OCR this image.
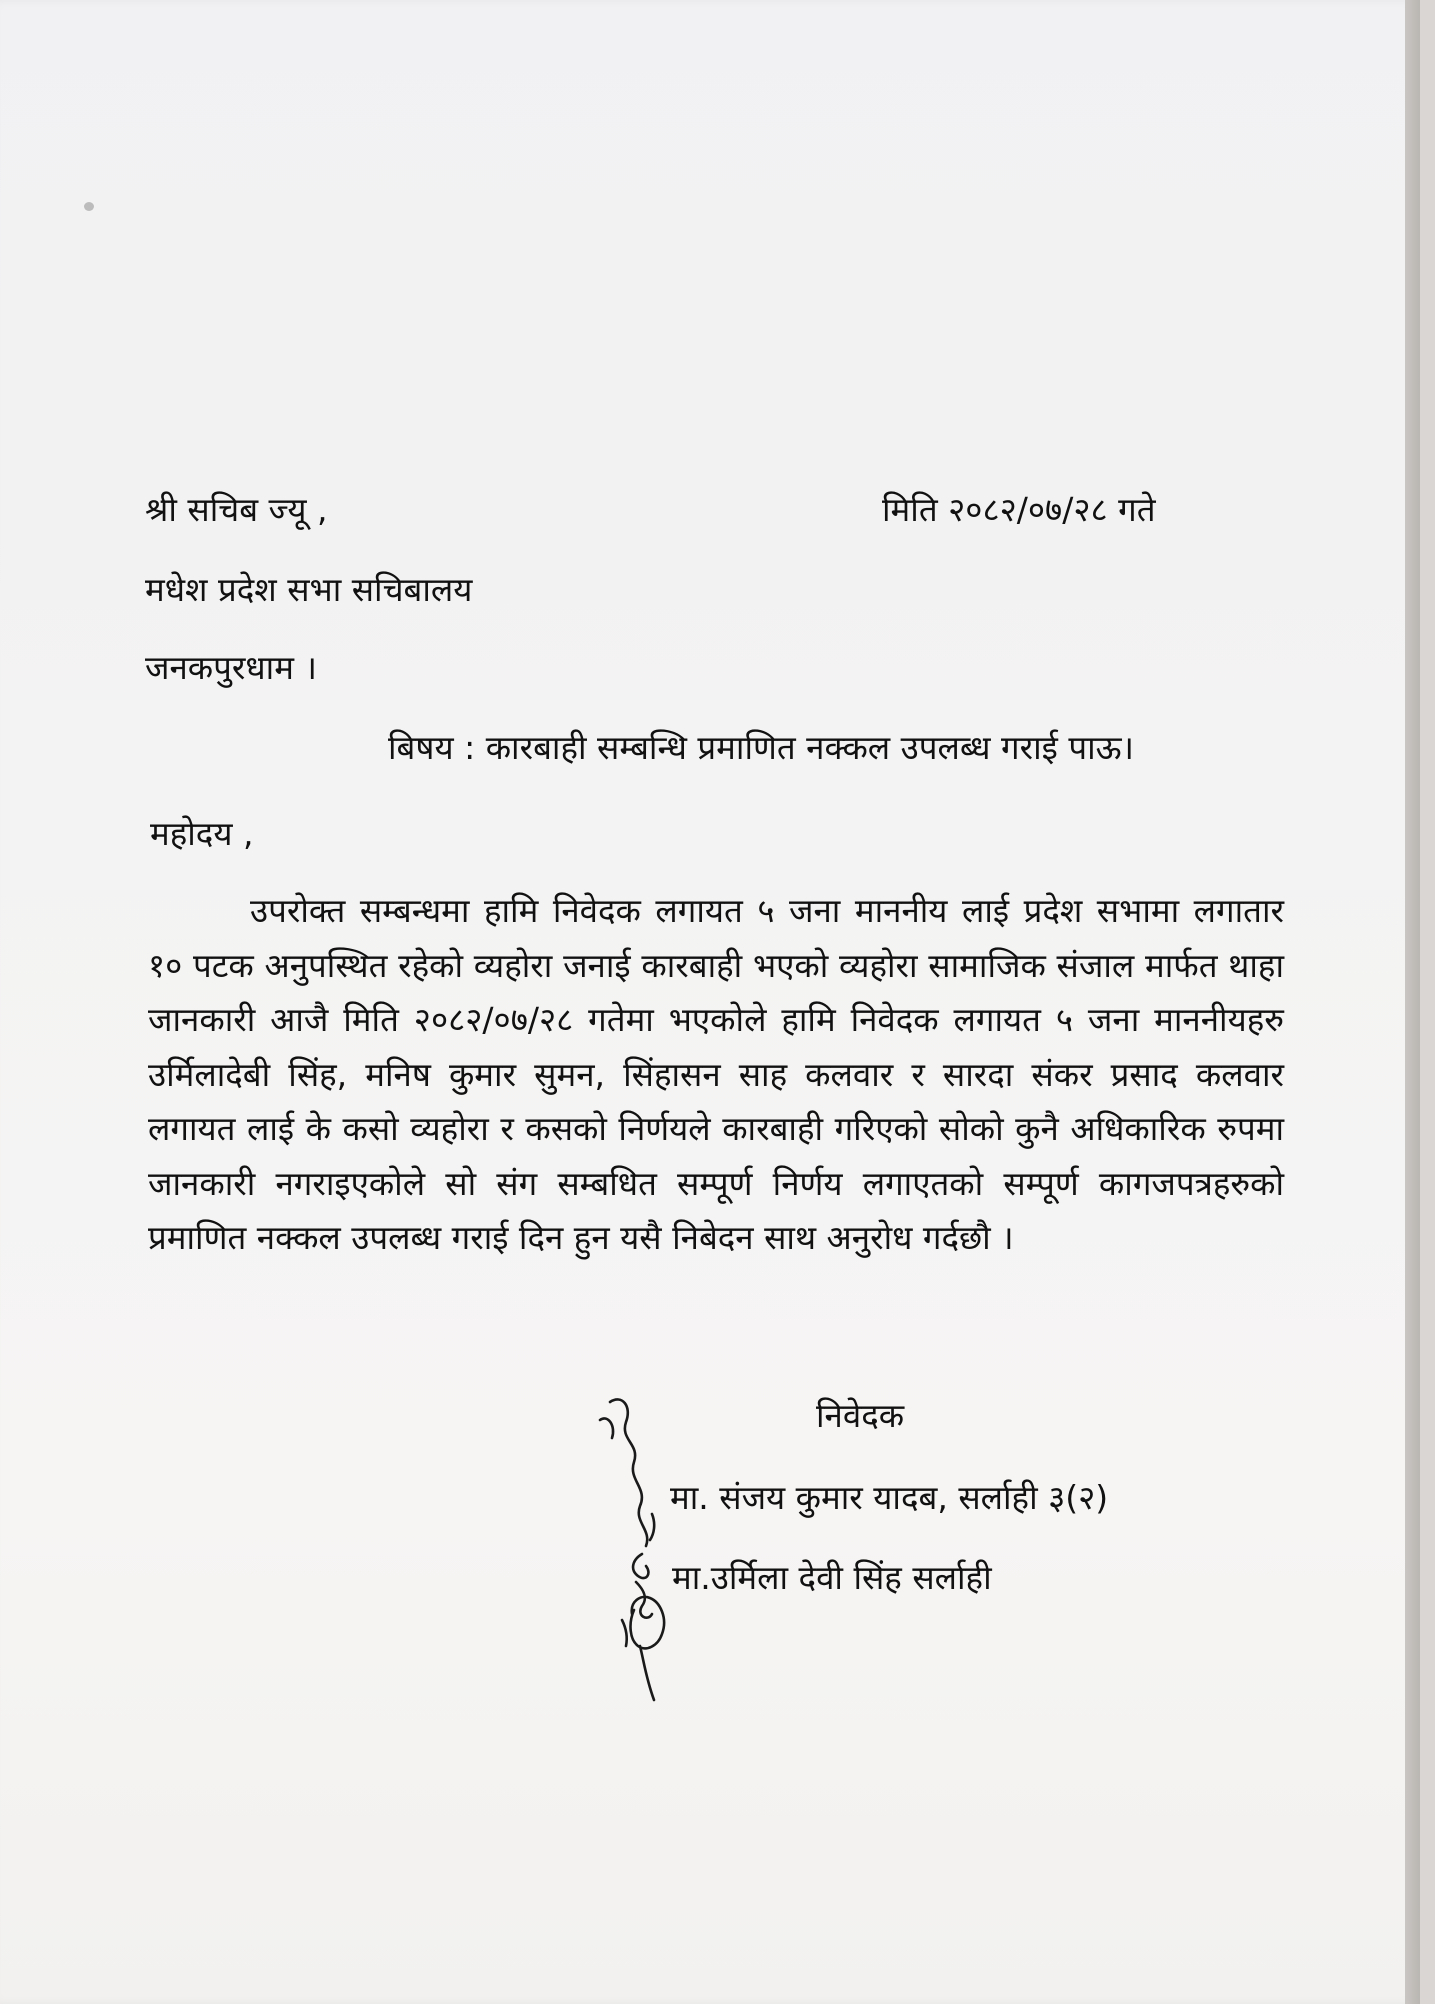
श्री सचिब ज्यू ,	मिति २०८२/०७/२८ गते
मधेश प्रदेश सभा सचिबालय
जनकपुरधाम ।
बिषय : कारबाही सम्बन्धि प्रमाणित नक्कल उपलब्ध गराई पाऊ।
महोदय ,

उपरोक्त सम्बन्धमा हामि निवेदक लगायत ५ जना माननीय लाई प्रदेश सभामा लगातार १० पटक अनुपस्थित रहेको व्यहोरा जनाई कारबाही भएको व्यहोरा सामाजिक संजाल मार्फत थाहा जानकारी आजै मिति २०८२/०७/२८ गतेमा भएकोले हामि निवेदक लगायत ५ जना माननीयहरु उर्मिलादेबी सिंह, मनिष कुमार सुमन, सिंहासन साह कलवार र सारदा संकर प्रसाद कलवार लगायत लाई के कसो व्यहोरा र कसको निर्णयले कारबाही गरिएको सोको कुनै अधिकारिक रुपमा जानकारी नगराइएकोले सो संग सम्बधित सम्पूर्ण निर्णय लगाएतको सम्पूर्ण कागजपत्रहरुको प्रमाणित नक्कल उपलब्ध गराई दिन हुन यसै निबेदन साथ अनुरोध गर्दछौ ।

निवेदक
मा. संजय कुमार यादब, सर्लाही ३(२)
मा.उर्मिला देवी सिंह सर्लाही
